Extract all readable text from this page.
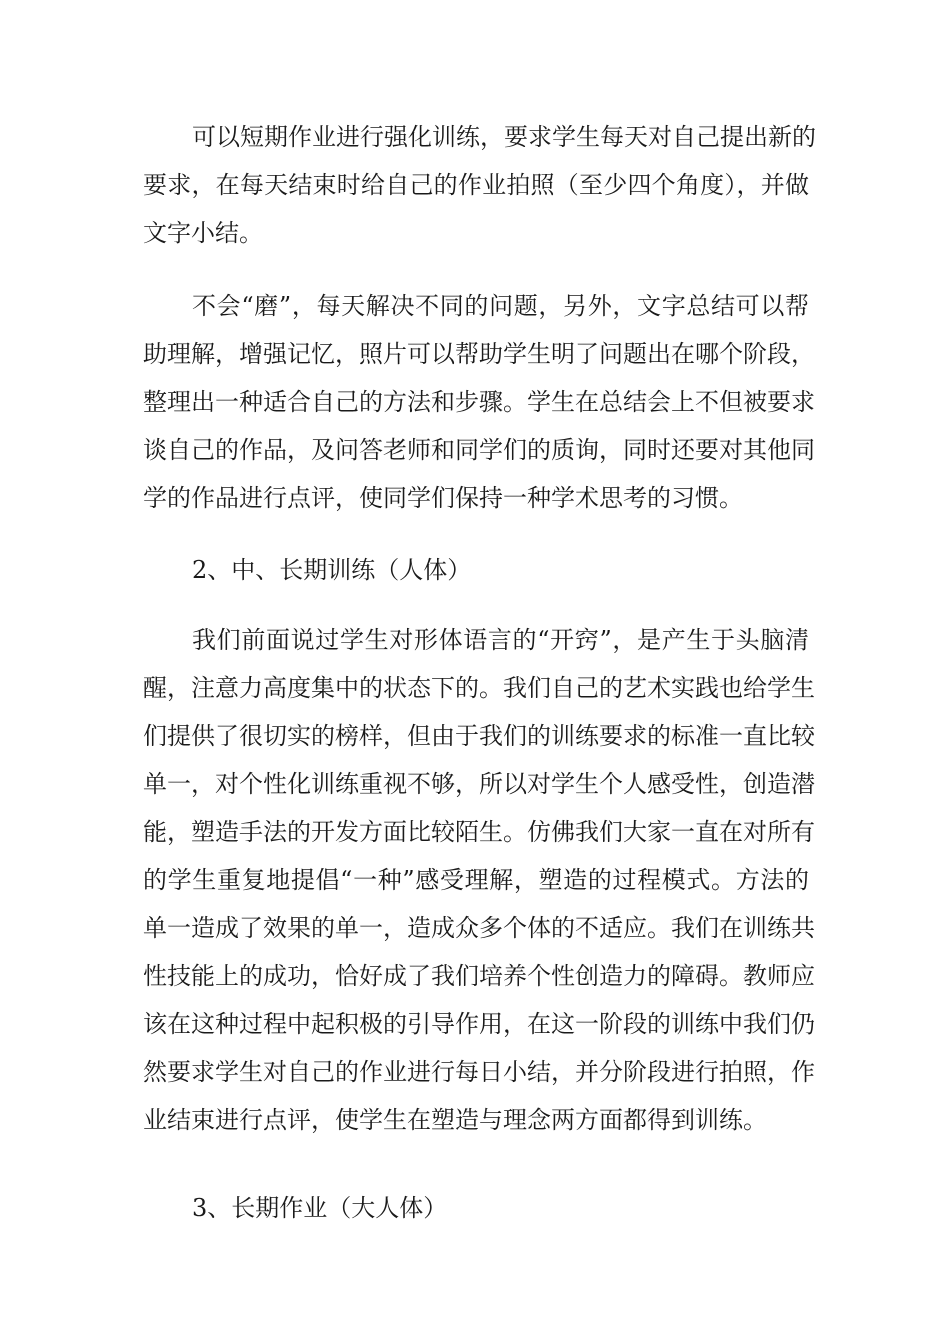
可以短期作业进行强化训练，要求学生每天对自己提出新的
要求，在每天结束时给自己的作业拍照（至少四个角度），并做
文字小结。
不会“磨”，每天解决不同的问题，另外，文字总结可以帮
助理解，增强记忆，照片可以帮助学生明了问题出在哪个阶段，
整理出一种适合自己的方法和步骤。学生在总结会上不但被要求
谈自己的作品，及问答老师和同学们的质询，同时还要对其他同
学的作品进行点评，使同学们保持一种学术思考的习惯。
2、中、长期训练（人体）
我们前面说过学生对形体语言的“开窍”，是产生于头脑清
醒，注意力高度集中的状态下的。我们自己的艺术实践也给学生
们提供了很切实的榜样，但由于我们的训练要求的标准一直比较
单一，对个性化训练重视不够，所以对学生个人感受性，创造潜
能，塑造手法的开发方面比较陌生。仿佛我们大家一直在对所有
的学生重复地提倡“一种”感受理解，塑造的过程模式。方法的
单一造成了效果的单一，造成众多个体的不适应。我们在训练共
性技能上的成功，恰好成了我们培养个性创造力的障碍。教师应
该在这种过程中起积极的引导作用，在这一阶段的训练中我们仍
然要求学生对自己的作业进行每日小结，并分阶段进行拍照，作
业结束进行点评，使学生在塑造与理念两方面都得到训练。
3、长期作业（大人体）
